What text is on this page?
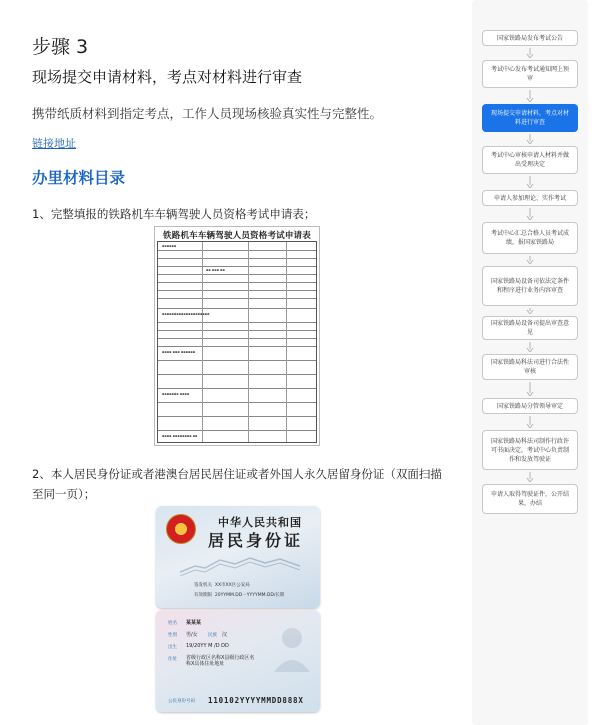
步骤 3
现场提交申请材料，考点对材料进行审查
携带纸质材料到指定考点，工作人员现场核验真实性与完整性。
链接地址
办里材料目录
1、完整填报的铁路机车车辆驾驶人员资格考试申请表；
铁路机车车辆驾驶人员资格考试申请表
▪▪▪▪▪▪
▪▪ ▪▪▪ ▪▪
▪▪▪▪▪▪▪▪▪▪▪▪▪▪▪▪▪▪▪▪
▪▪▪▪ ▪▪▪ ▪▪▪▪▪▪
▪▪▪▪▪▪▪ ▪▪▪▪
▪▪▪▪ ▪▪▪▪▪▪▪▪ ▪▪
2、本人居民身份证或者港澳台居民居住证或者外国人永久居留身份证（双面扫描至同一页）；
中华人民共和国
居民身份证
签发机关 XX市XX区公安局
有效期限 20YYMM.DD－YYYYMM.DD/长期
姓名 某某某
性别 男/女 民族 汉
出生 19/20YY M /D DD
住址 省级行政区名称X县级行政区名称X具体住址地址
公民身份号码 110102YYYYMMDD888X
国家铁路局发布考试公告
考试中心发布考试通知网上预审
现场提交申请材料，考点对材料进行审查
考试中心审核申请人材料并做出受理决定
申请人参加理论、实作考试
考试中心汇总合格人员考试成绩，报国家铁路局
国家铁路局设备司依法定条件和程序进行业务内容审查
国家铁路局设备司提出审查意见
国家铁路局科法司进行合法性审核
国家铁路局分管领导审定
国家铁路局科法司制作行政许可书面决定，考试中心负责制作和发放驾驶证
申请人取得驾驶证件，公开结果，办结
